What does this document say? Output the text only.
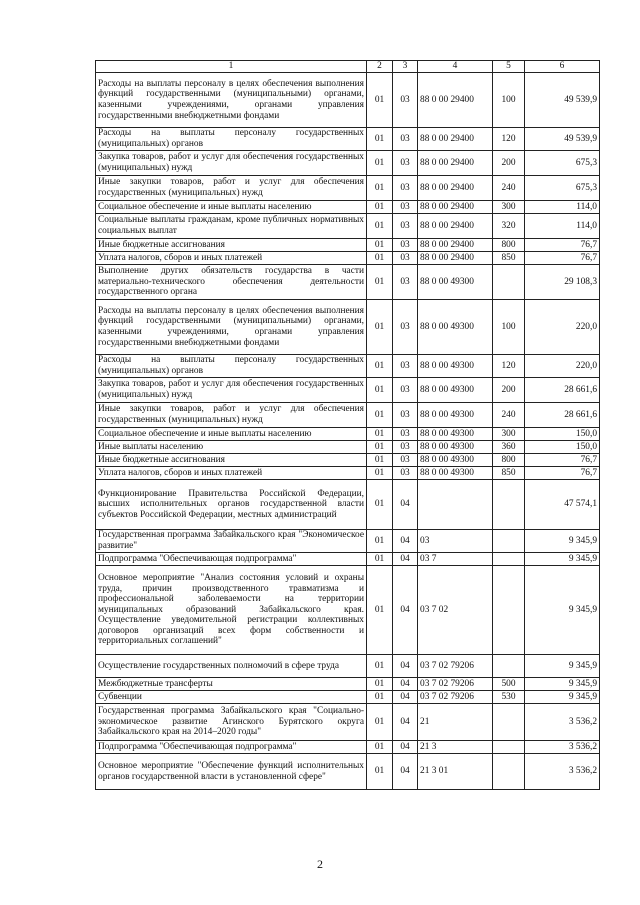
1	2	3	4	5	6
Расходы на выплаты персоналу в целях обеспечения выполнения функций государственными (муниципальными) органами, казенными учреждениями, органами управления государственными внебюджетными фондами	01	03	88 0 00 29400	100	49 539,9
Расходы на выплаты персоналу государственных (муниципальных) органов	01	03	88 0 00 29400	120	49 539,9
Закупка товаров, работ и услуг для обеспечения государственных (муниципальных) нужд	01	03	88 0 00 29400	200	675,3
Иные закупки товаров, работ и услуг для обеспечения государственных (муниципальных) нужд	01	03	88 0 00 29400	240	675,3
Социальное обеспечение и иные выплаты населению	01	03	88 0 00 29400	300	114,0
Социальные выплаты гражданам, кроме публичных нормативных социальных выплат	01	03	88 0 00 29400	320	114,0
Иные бюджетные ассигнования	01	03	88 0 00 29400	800	76,7
Уплата налогов, сборов и иных платежей	01	03	88 0 00 29400	850	76,7
Выполнение других обязательств государства в части материально-технического обеспечения деятельности государственного органа	01	03	88 0 00 49300		29 108,3
Расходы на выплаты персоналу в целях обеспечения выполнения функций государственными (муниципальными) органами, казенными учреждениями, органами управления государственными внебюджетными фондами	01	03	88 0 00 49300	100	220,0
Расходы на выплаты персоналу государственных (муниципальных) органов	01	03	88 0 00 49300	120	220,0
Закупка товаров, работ и услуг для обеспечения государственных (муниципальных) нужд	01	03	88 0 00 49300	200	28 661,6
Иные закупки товаров, работ и услуг для обеспечения государственных (муниципальных) нужд	01	03	88 0 00 49300	240	28 661,6
Социальное обеспечение и иные выплаты населению	01	03	88 0 00 49300	300	150,0
Иные выплаты населению	01	03	88 0 00 49300	360	150,0
Иные бюджетные ассигнования	01	03	88 0 00 49300	800	76,7
Уплата налогов, сборов и иных платежей	01	03	88 0 00 49300	850	76,7
Функционирование Правительства Российской Федерации, высших исполнительных органов государственной власти субъектов Российской Федерации, местных администраций	01	04			47 574,1
Государственная программа Забайкальского края "Экономическое развитие"	01	04	03		9 345,9
Подпрограмма "Обеспечивающая подпрограмма"	01	04	03 7		9 345,9
Основное мероприятие "Анализ состояния условий и охраны труда, причин производственного травматизма и профессиональной заболеваемости на территории муниципальных образований Забайкальского края. Осуществление уведомительной регистрации коллективных договоров организаций всех форм собственности и территориальных соглашений"	01	04	03 7 02		9 345,9
Осуществление государственных полномочий в сфере труда	01	04	03 7 02 79206		9 345,9
Межбюджетные трансферты	01	04	03 7 02 79206	500	9 345,9
Субвенции	01	04	03 7 02 79206	530	9 345,9
Государственная программа Забайкальского края "Социально-экономическое развитие Агинского Бурятского округа Забайкальского края на 2014–2020 годы"	01	04	21		3 536,2
Подпрограмма "Обеспечивающая подпрограмма"	01	04	21 3		3 536,2
Основное мероприятие "Обеспечение функций исполнительных органов государственной власти в установленной сфере"	01	04	21 3 01		3 536,2
2
